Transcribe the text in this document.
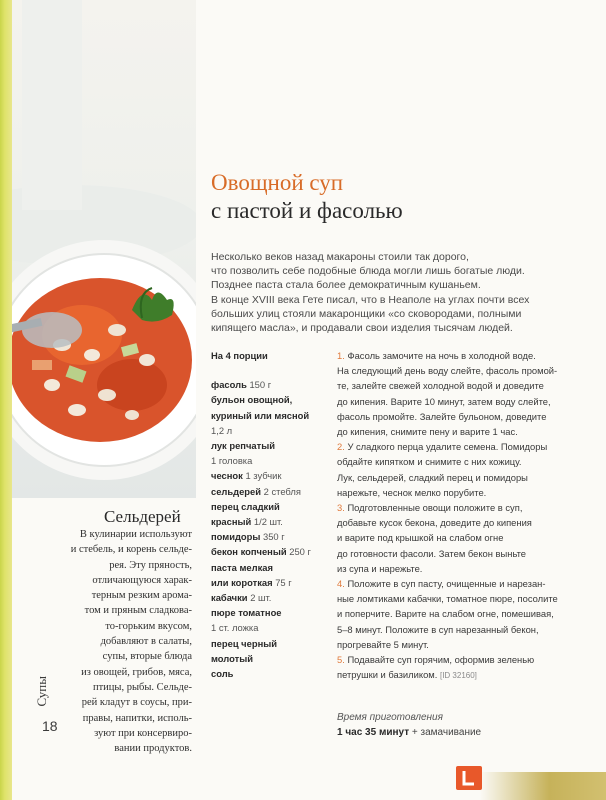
Овощной суп
с пастой и фасолью
Несколько веков назад макароны стоили так дорого,
что позволить себе подобные блюда могли лишь богатые люди.
Позднее паста стала более демократичным кушаньем.
В конце XVIII века Гете писал, что в Неаполе на углах почти всех
больших улиц стояли макаронщики «со сковородами, полными
кипящего масла», и продавали свои изделия тысячам людей.
На 4 порции
фасоль 150 г
бульон овощной,
куриный или мясной
1,2 л
лук репчатый
1 головка
чеснок 1 зубчик
сельдерей 2 стебля
перец сладкий
красный 1/2 шт.
помидоры 350 г
бекон копченый 250 г
паста мелкая
или короткая 75 г
кабачки 2 шт.
пюре томатное
1 ст. ложка
перец черный
молотый
соль
1. Фасоль замочите на ночь в холодной воде.
На следующий день воду слейте, фасоль промой-
те, залейте свежей холодной водой и доведите
до кипения. Варите 10 минут, затем воду слейте,
фасоль промойте. Залейте бульоном, доведите
до кипения, снимите пену и варите 1 час.
2. У сладкого перца удалите семена. Помидоры
обдайте кипятком и снимите с них кожицу.
Лук, сельдерей, сладкий перец и помидоры
нарежьте, чеснок мелко порубите.
3. Подготовленные овощи положите в суп,
добавьте кусок бекона, доведите до кипения
и варите под крышкой на слабом огне
до готовности фасоли. Затем бекон выньте
из супа и нарежьте.
4. Положите в суп пасту, очищенные и нарезан-
ные ломтиками кабачки, томатное пюре, посолите
и поперчите. Варите на слабом огне, помешивая,
5–8 минут. Положите в суп нарезанный бекон,
прогревайте 5 минут.
5. Подавайте суп горячим, оформив зеленью
петрушки и базиликом. [ID 32160]
Время приготовления
1 час 35 минут + замачивание
Сельдерей
В кулинарии используют
и стебель, и корень сельде-
рея. Эту пряность,
отличающуюся харак-
терным резким арома-
том и пряным сладкова-
то-горьким вкусом,
добавляют в салаты,
супы, вторые блюда
из овощей, грибов, мяса,
птицы, рыбы. Сельде-
рей кладут в соусы, при-
правы, напитки, исполь-
зуют при консервиро-
вании продуктов.
Супы
18
